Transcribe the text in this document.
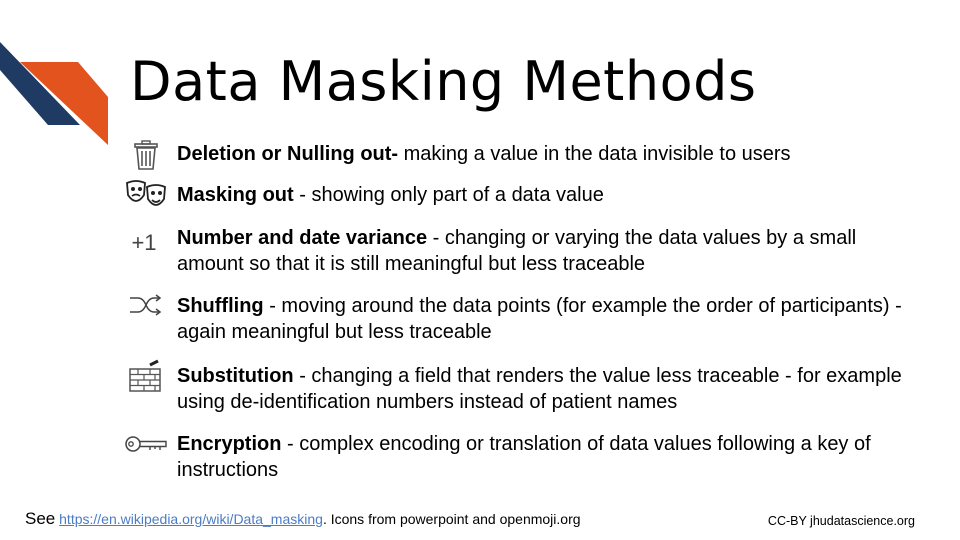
Data Masking Methods
Deletion or Nulling out- making a value in the data invisible to users
Masking out - showing only part of a data value
+1	Number and date variance - changing or varying the data values by a small amount so that it is still meaningful but less traceable
Shuffling - moving around the data points (for example the order of participants) - again meaningful but less traceable
Substitution - changing a field that renders the value less traceable - for example using de-identification numbers instead of patient names
Encryption - complex encoding or translation of data values following a key of instructions
See https://en.wikipedia.org/wiki/Data_masking. Icons from powerpoint and openmoji.org	CC-BY jhudatascience.org
